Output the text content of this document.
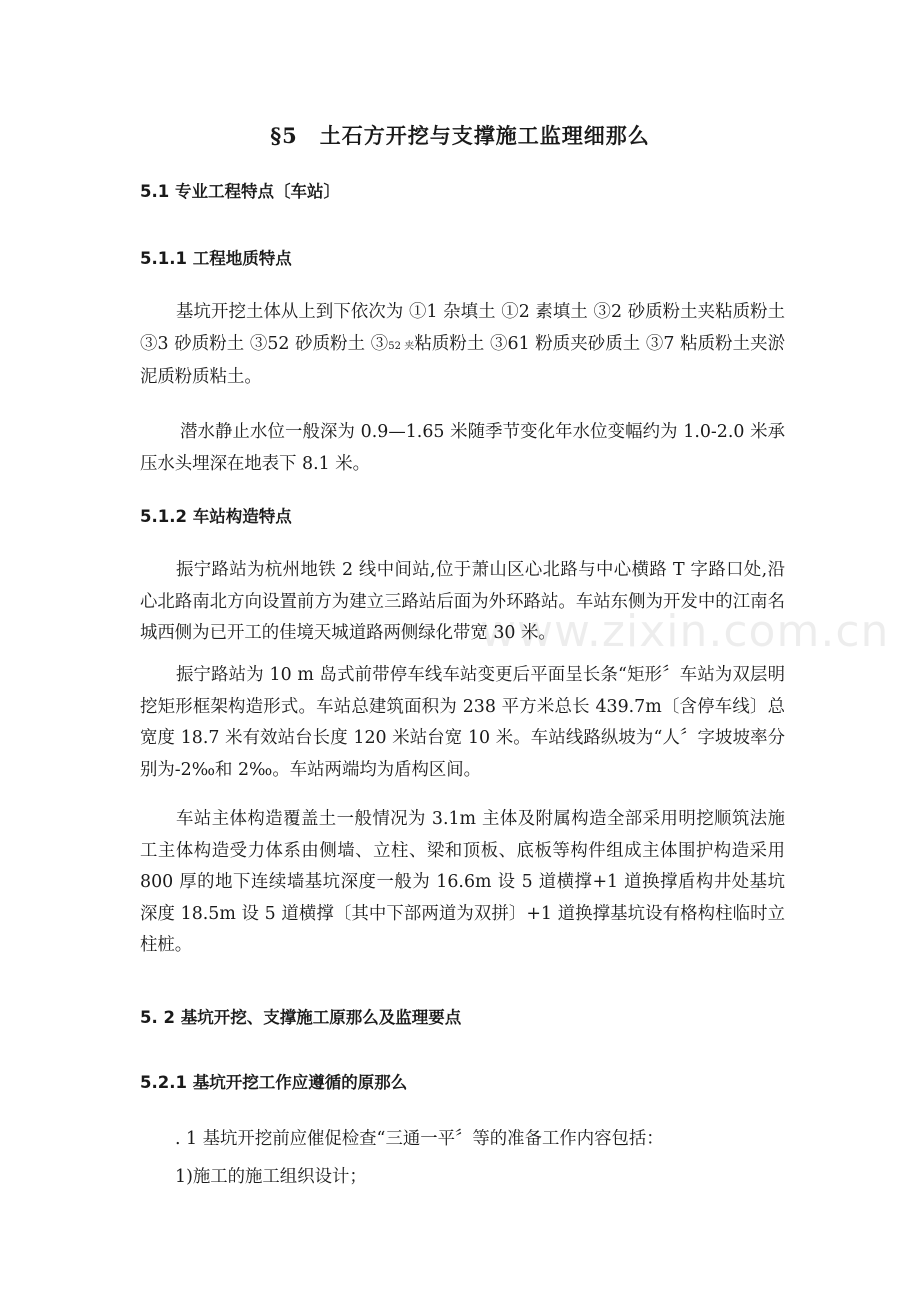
§5　土石方开挖与支撑施工监理细那么
5.1 专业工程特点〔车站〕
5.1.1 工程地质特点
基坑开挖土体从上到下依次为 ①1 杂填土 ①2 素填土 ③2 砂质粉土夹粘质粉土 ③3 砂质粉土 ③52 砂质粉土 ③52 夹粘质粉土 ③61 粉质夹砂质土 ③7 粘质粉土夹淤泥质粉质粘土。
潜水静止水位一般深为 0.9—1.65 米随季节变化年水位变幅约为 1.0-2.0 米承压水头埋深在地表下 8.1 米。
5.1.2 车站构造特点
振宁路站为杭州地铁 2 线中间站,位于萧山区心北路与中心横路 T 字路口处,沿心北路南北方向设置前方为建立三路站后面为外环路站。车站东侧为开发中的江南名城西侧为已开工的佳境天城道路两侧绿化带宽 30 米。
振宁路站为 10 m 岛式前带停车线车站变更后平面呈长条“矩形〞车站为双层明挖矩形框架构造形式。车站总建筑面积为 238 平方米总长 439.7m〔含停车线〕总宽度 18.7 米有效站台长度 120 米站台宽 10 米。车站线路纵坡为“人〞字坡坡率分别为-2‰和 2‰。车站两端均为盾构区间。
车站主体构造覆盖土一般情况为 3.1m 主体及附属构造全部采用明挖顺筑法施工主体构造受力体系由侧墙、立柱、梁和顶板、底板等构件组成主体围护构造采用 800 厚的地下连续墙基坑深度一般为 16.6m 设 5 道横撑+1 道换撑盾构井处基坑深度 18.5m 设 5 道横撑〔其中下部两道为双拼〕+1 道换撑基坑设有格构柱临时立柱桩。
5. 2 基坑开挖、支撑施工原那么及监理要点
5.2.1 基坑开挖工作应遵循的原那么
. 1 基坑开挖前应催促检查“三通一平〞等的准备工作内容包括：
1)施工的施工组织设计；
www.zixin.com.cn
